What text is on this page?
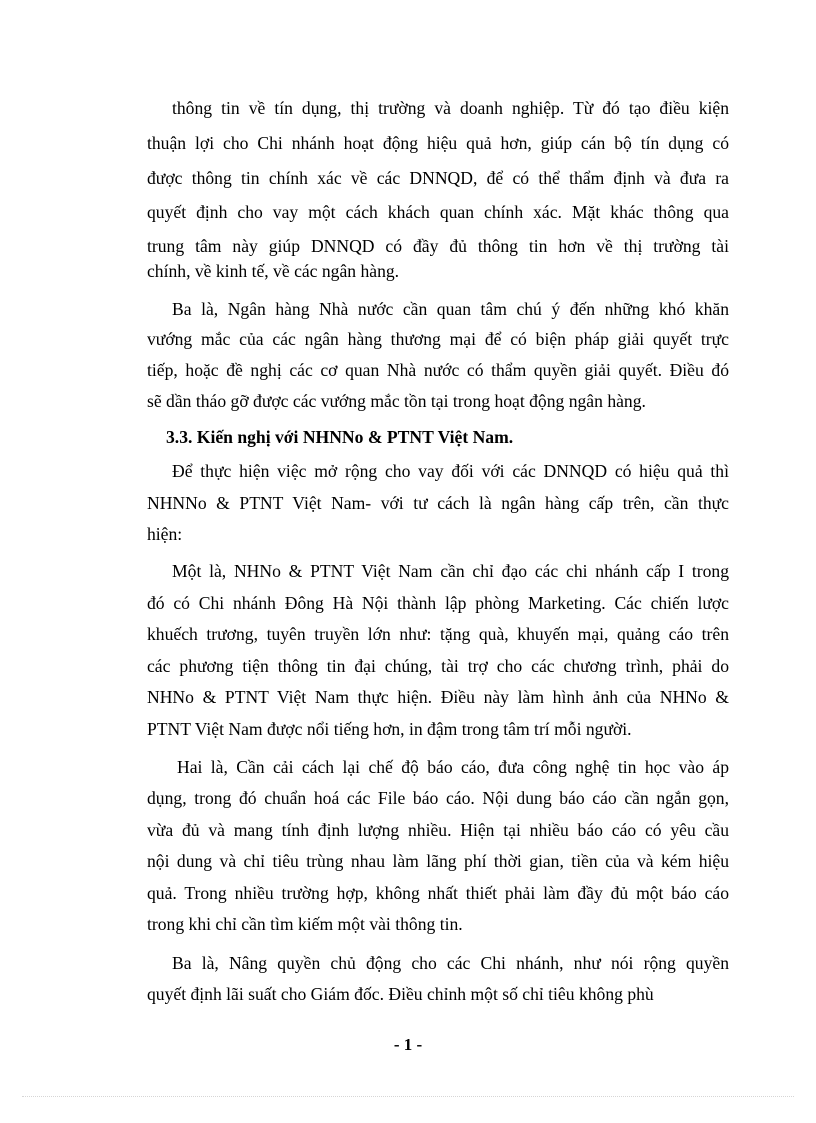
thông tin về tín dụng, thị trường và doanh nghiệp. Từ đó tạo điều kiện
thuận lợi cho Chi nhánh hoạt động hiệu quả hơn, giúp cán bộ tín dụng có
được thông tin chính xác về các DNNQD, để có thể thẩm định và đưa ra
quyết định cho vay một cách khách quan chính xác. Mặt khác thông qua
trung tâm này giúp DNNQD có đầy đủ thông tin hơn về thị trường tài
chính, về kinh tế, về các ngân hàng.
Ba là, Ngân hàng Nhà nước cần quan tâm chú ý đến những khó khăn
vướng mắc của các ngân hàng thương mại để có biện pháp giải quyết trực
tiếp, hoặc đề nghị các cơ quan Nhà nước có thẩm quyền giải quyết. Điều đó
sẽ dần tháo gỡ được các vướng mắc tồn tại trong hoạt động ngân hàng.
3.3. Kiến nghị với NHNNo & PTNT Việt Nam.
Để thực hiện việc mở rộng cho vay đối với các DNNQD có hiệu quả thì
NHNNo & PTNT Việt Nam- với tư cách là ngân hàng cấp trên, cần thực
hiện:
Một là, NHNo & PTNT Việt Nam cần chỉ đạo các chi nhánh cấp I trong
đó có Chi nhánh Đông Hà Nội thành lập phòng Marketing. Các chiến lược
khuếch trương, tuyên truyền lớn như: tặng quà, khuyến mại, quảng cáo trên
các phương tiện thông tin đại chúng, tài trợ cho các chương trình, phải do
NHNo & PTNT Việt Nam thực hiện. Điều này làm hình ảnh của NHNo &
PTNT Việt Nam được nổi tiếng hơn, in đậm trong tâm trí mỗi người.
Hai là, Cần cải cách lại chế độ báo cáo, đưa công nghệ tin học vào áp
dụng, trong đó chuẩn hoá các File báo cáo. Nội dung báo cáo cần ngắn gọn,
vừa đủ và mang tính định lượng nhiều. Hiện tại nhiều báo cáo có yêu cầu
nội dung và chỉ tiêu trùng nhau làm lãng phí thời gian, tiền của và kém hiệu
quả. Trong nhiều trường hợp, không nhất thiết phải làm đầy đủ một báo cáo
trong khi chỉ cần tìm kiếm một vài thông tin.
Ba là, Nâng quyền chủ động cho các Chi nhánh, như nói rộng quyền
quyết định lãi suất cho Giám đốc. Điều chỉnh một số chỉ tiêu không phù
- 1 -
